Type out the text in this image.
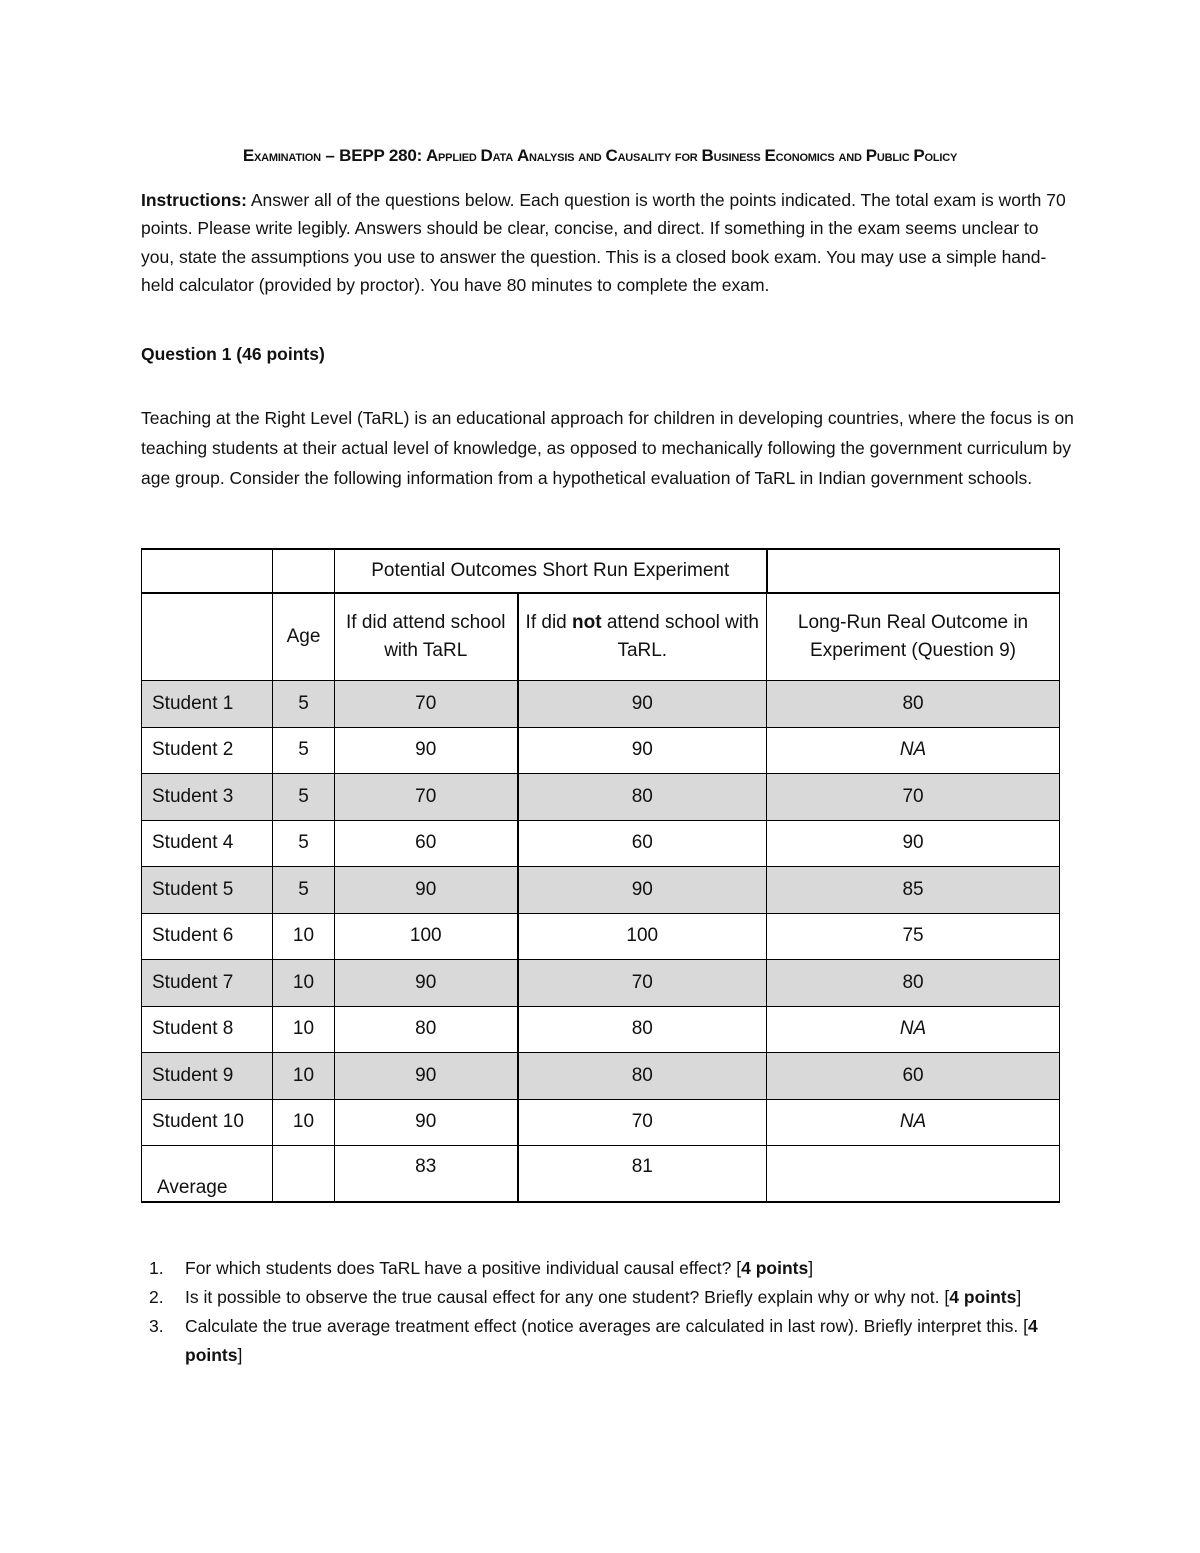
Examination – BEPP 280: Applied Data Analysis and Causality for Business Economics and Public Policy
Instructions: Answer all of the questions below. Each question is worth the points indicated. The total exam is worth 70 points. Please write legibly. Answers should be clear, concise, and direct. If something in the exam seems unclear to you, state the assumptions you use to answer the question. This is a closed book exam. You may use a simple hand-held calculator (provided by proctor). You have 80 minutes to complete the exam.
Question 1 (46 points)
Teaching at the Right Level (TaRL) is an educational approach for children in developing countries, where the focus is on teaching students at their actual level of knowledge, as opposed to mechanically following the government curriculum by age group. Consider the following information from a hypothetical evaluation of TaRL in Indian government schools.
		Potential Outcomes Short Run Experiment		
	Age	If did attend school with TaRL	If did not attend school with TaRL.	Long-Run Real Outcome in Experiment (Question 9)
Student 1	5	70	90	80
Student 2	5	90	90	NA
Student 3	5	70	80	70
Student 4	5	60	60	90
Student 5	5	90	90	85
Student 6	10	100	100	75
Student 7	10	90	70	80
Student 8	10	80	80	NA
Student 9	10	90	80	60
Student 10	10	90	70	NA
Average		83	81	
1. For which students does TaRL have a positive individual causal effect? [4 points]
2. Is it possible to observe the true causal effect for any one student? Briefly explain why or why not. [4 points]
3. Calculate the true average treatment effect (notice averages are calculated in last row). Briefly interpret this. [4 points]
